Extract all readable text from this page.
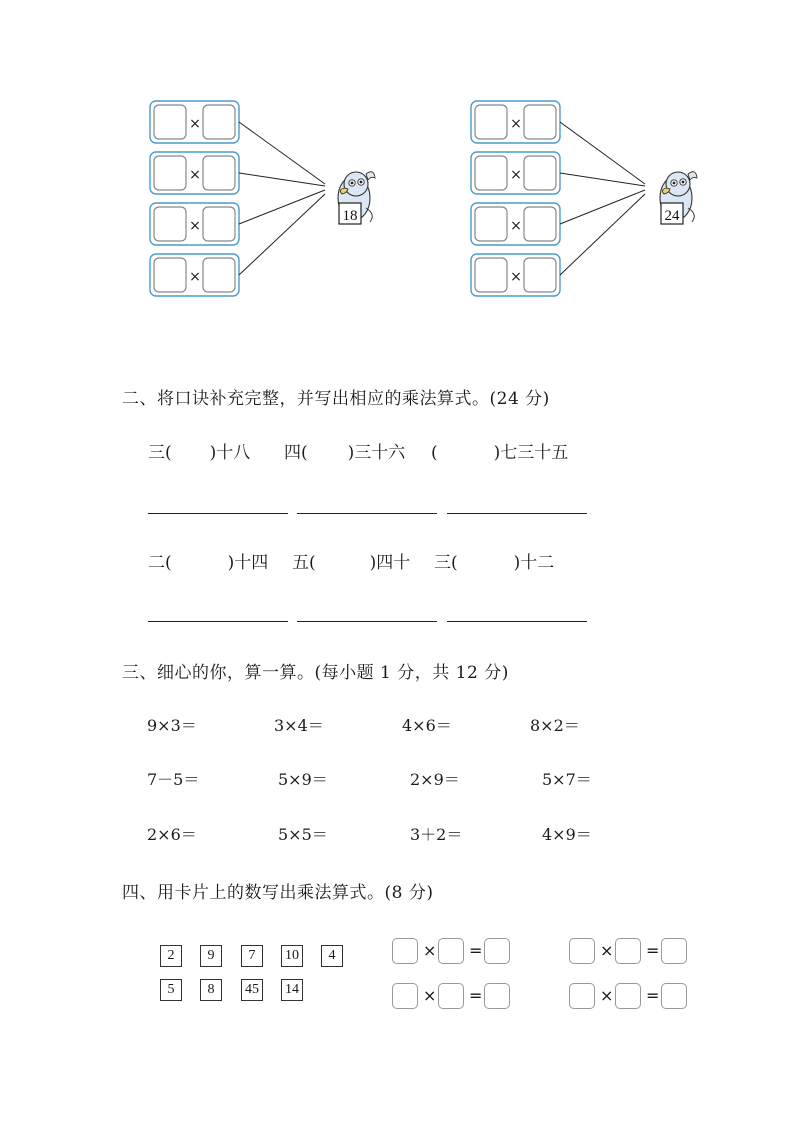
×
×
×
×
18
×
×
×
×
24
二、将口诀补充完整，并写出相应的乘法算式。(24 分)
三( )十八 四( )三十六 (	)七三十五
二(	)十四 五(	)四十 三(	)十二
三、细心的你，算一算。(每小题 1 分，共 12 分)
9×3＝	3×4＝	4×6＝	8×2＝
7－5＝	5×9＝	2×9＝	5×7＝
2×6＝	5×5＝	3＋2＝	4×9＝
四、用卡片上的数写出乘法算式。(8 分)
2	9	7	10	4
5	8	45 14
× =	× =
× =	× =
